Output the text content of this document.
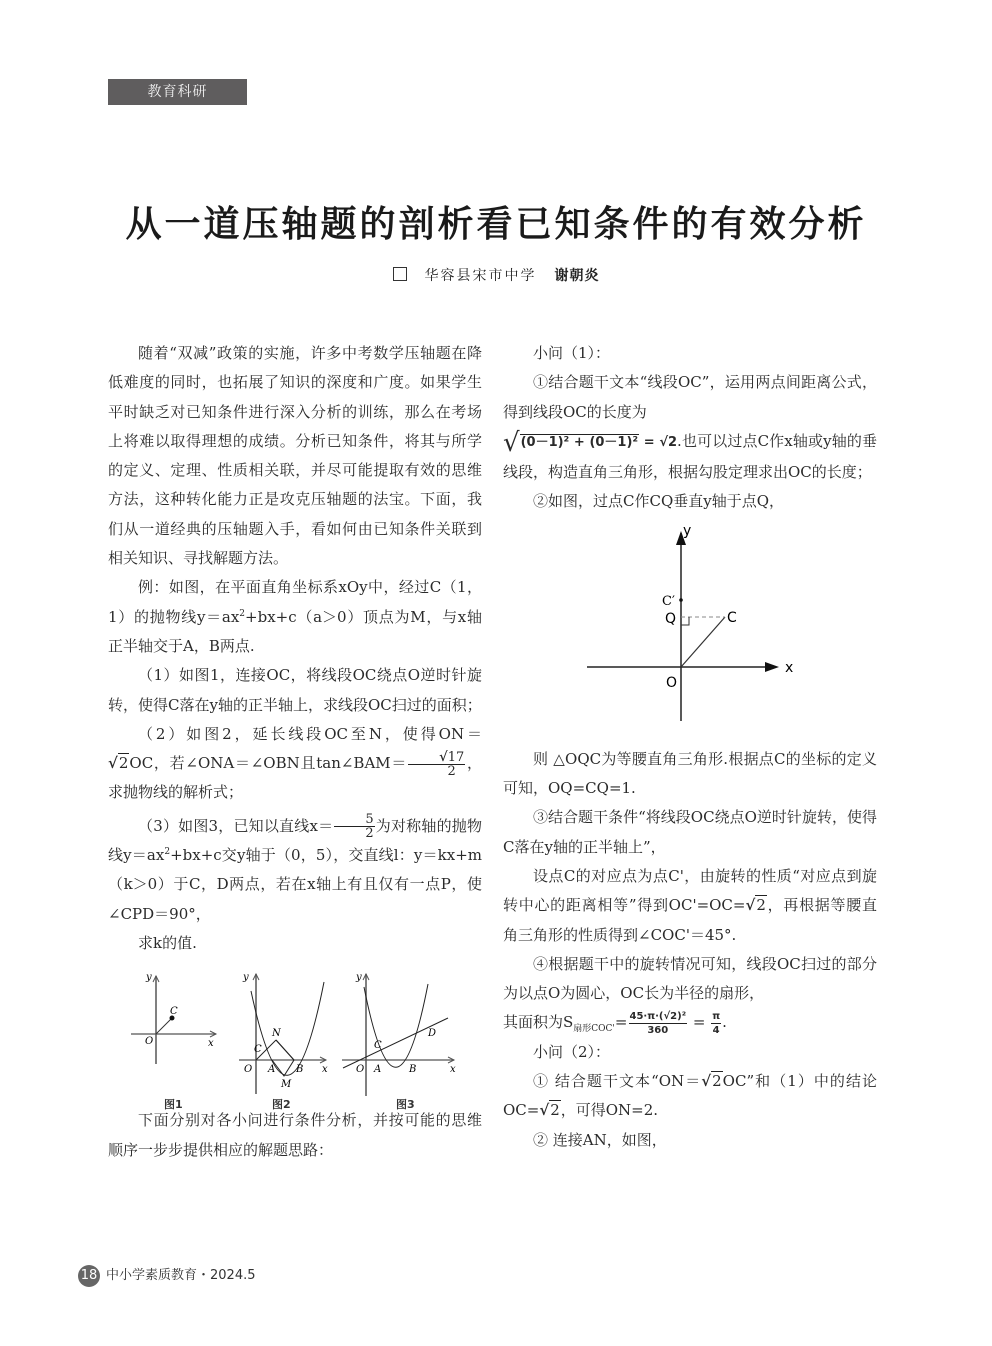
教育科研
从一道压轴题的剖析看已知条件的有效分析
华容县宋市中学 谢朝炎

随着“双减”政策的实施，许多中考数学压轴题在降低难度的同时，也拓展了知识的深度和广度。如果学生平时缺乏对已知条件进行深入分析的训练，那么在考场上将难以取得理想的成绩。分析已知条件，将其与所学的定义、定理、性质相关联，并尽可能提取有效的思维方法，这种转化能力正是攻克压轴题的法宝。下面，我们从一道经典的压轴题入手，看如何由已知条件关联到相关知识、寻找解题方法。

例：如图，在平面直角坐标系xOy中，经过C（1，1）的抛物线$y=ax^2+bx+c(a>0)$顶点为M，与x轴正半轴交于A，B两点.

（1）如图1，连接OC，将线段OC绕点O逆时针旋转，使得C落在y轴的正半轴上，求线段OC扫过的面积；

（2）如图2，延长线段OC至N，使得ON＝√2OC，若∠ONA＝∠OBN且tan∠BAM＝ $\frac{√17}{2}$ ，求抛物线的解析式；

（3）如图3，已知以直线$x= \frac{5}{2}$ 为对称轴的抛物线$y=ax^2+bx+c$交y轴于（0，5），交直线l：y＝kx+m（k＞0）于C，D两点，若在x轴上有且仅有一点P，使∠CPD＝90°，

求k的值.

y
C
O	x
图1
y
N
C
O A B
M
x
图2
y
C
D
O A	B	x
图3

下面分别对各小问进行条件分析，并按可能的思维顺序一步步提供相应的解题思路：

小问（1）：

①结合题干文本“线段OC”，运用两点间距离公式，得到线段OC的长度为
√(0－1)² + (0－1)² = √2.也可以过点C作x轴或y轴的垂线段，构造直角三角形，根据勾股定理求出OC的长度；

②如图，过点C作CQ垂直y轴于点Q，

y
x
O
Q	C
C′

则 △OQC为等腰直角三角形.根据点C的坐标的定义可知，OQ=CQ=1.

③结合题干条件“将线段OC绕点O逆时针旋转，使得C落在y轴的正半轴上”，

设点C的对应点为点C'，由旋转的性质“对应点到旋转中心的距离相等”得到OC'=OC=√2，再根据等腰直角三角形的性质得到∠COC'＝45°.

④根据题干中的旋转情况可知，线段OC扫过的部分为以点O为圆心，OC长为半径的扇形，

其面积为$S_{扇形COC'}= \frac{\text{45·π·(√2)²}}{360} = \frac{\pi}{4}$ .

小问（2）：

① 结合题干文本“ON＝√2OC”和（1）中的结论OC=√2，可得ON=2.

② 连接AN，如图，

18 中小学素质教育・2024.5
